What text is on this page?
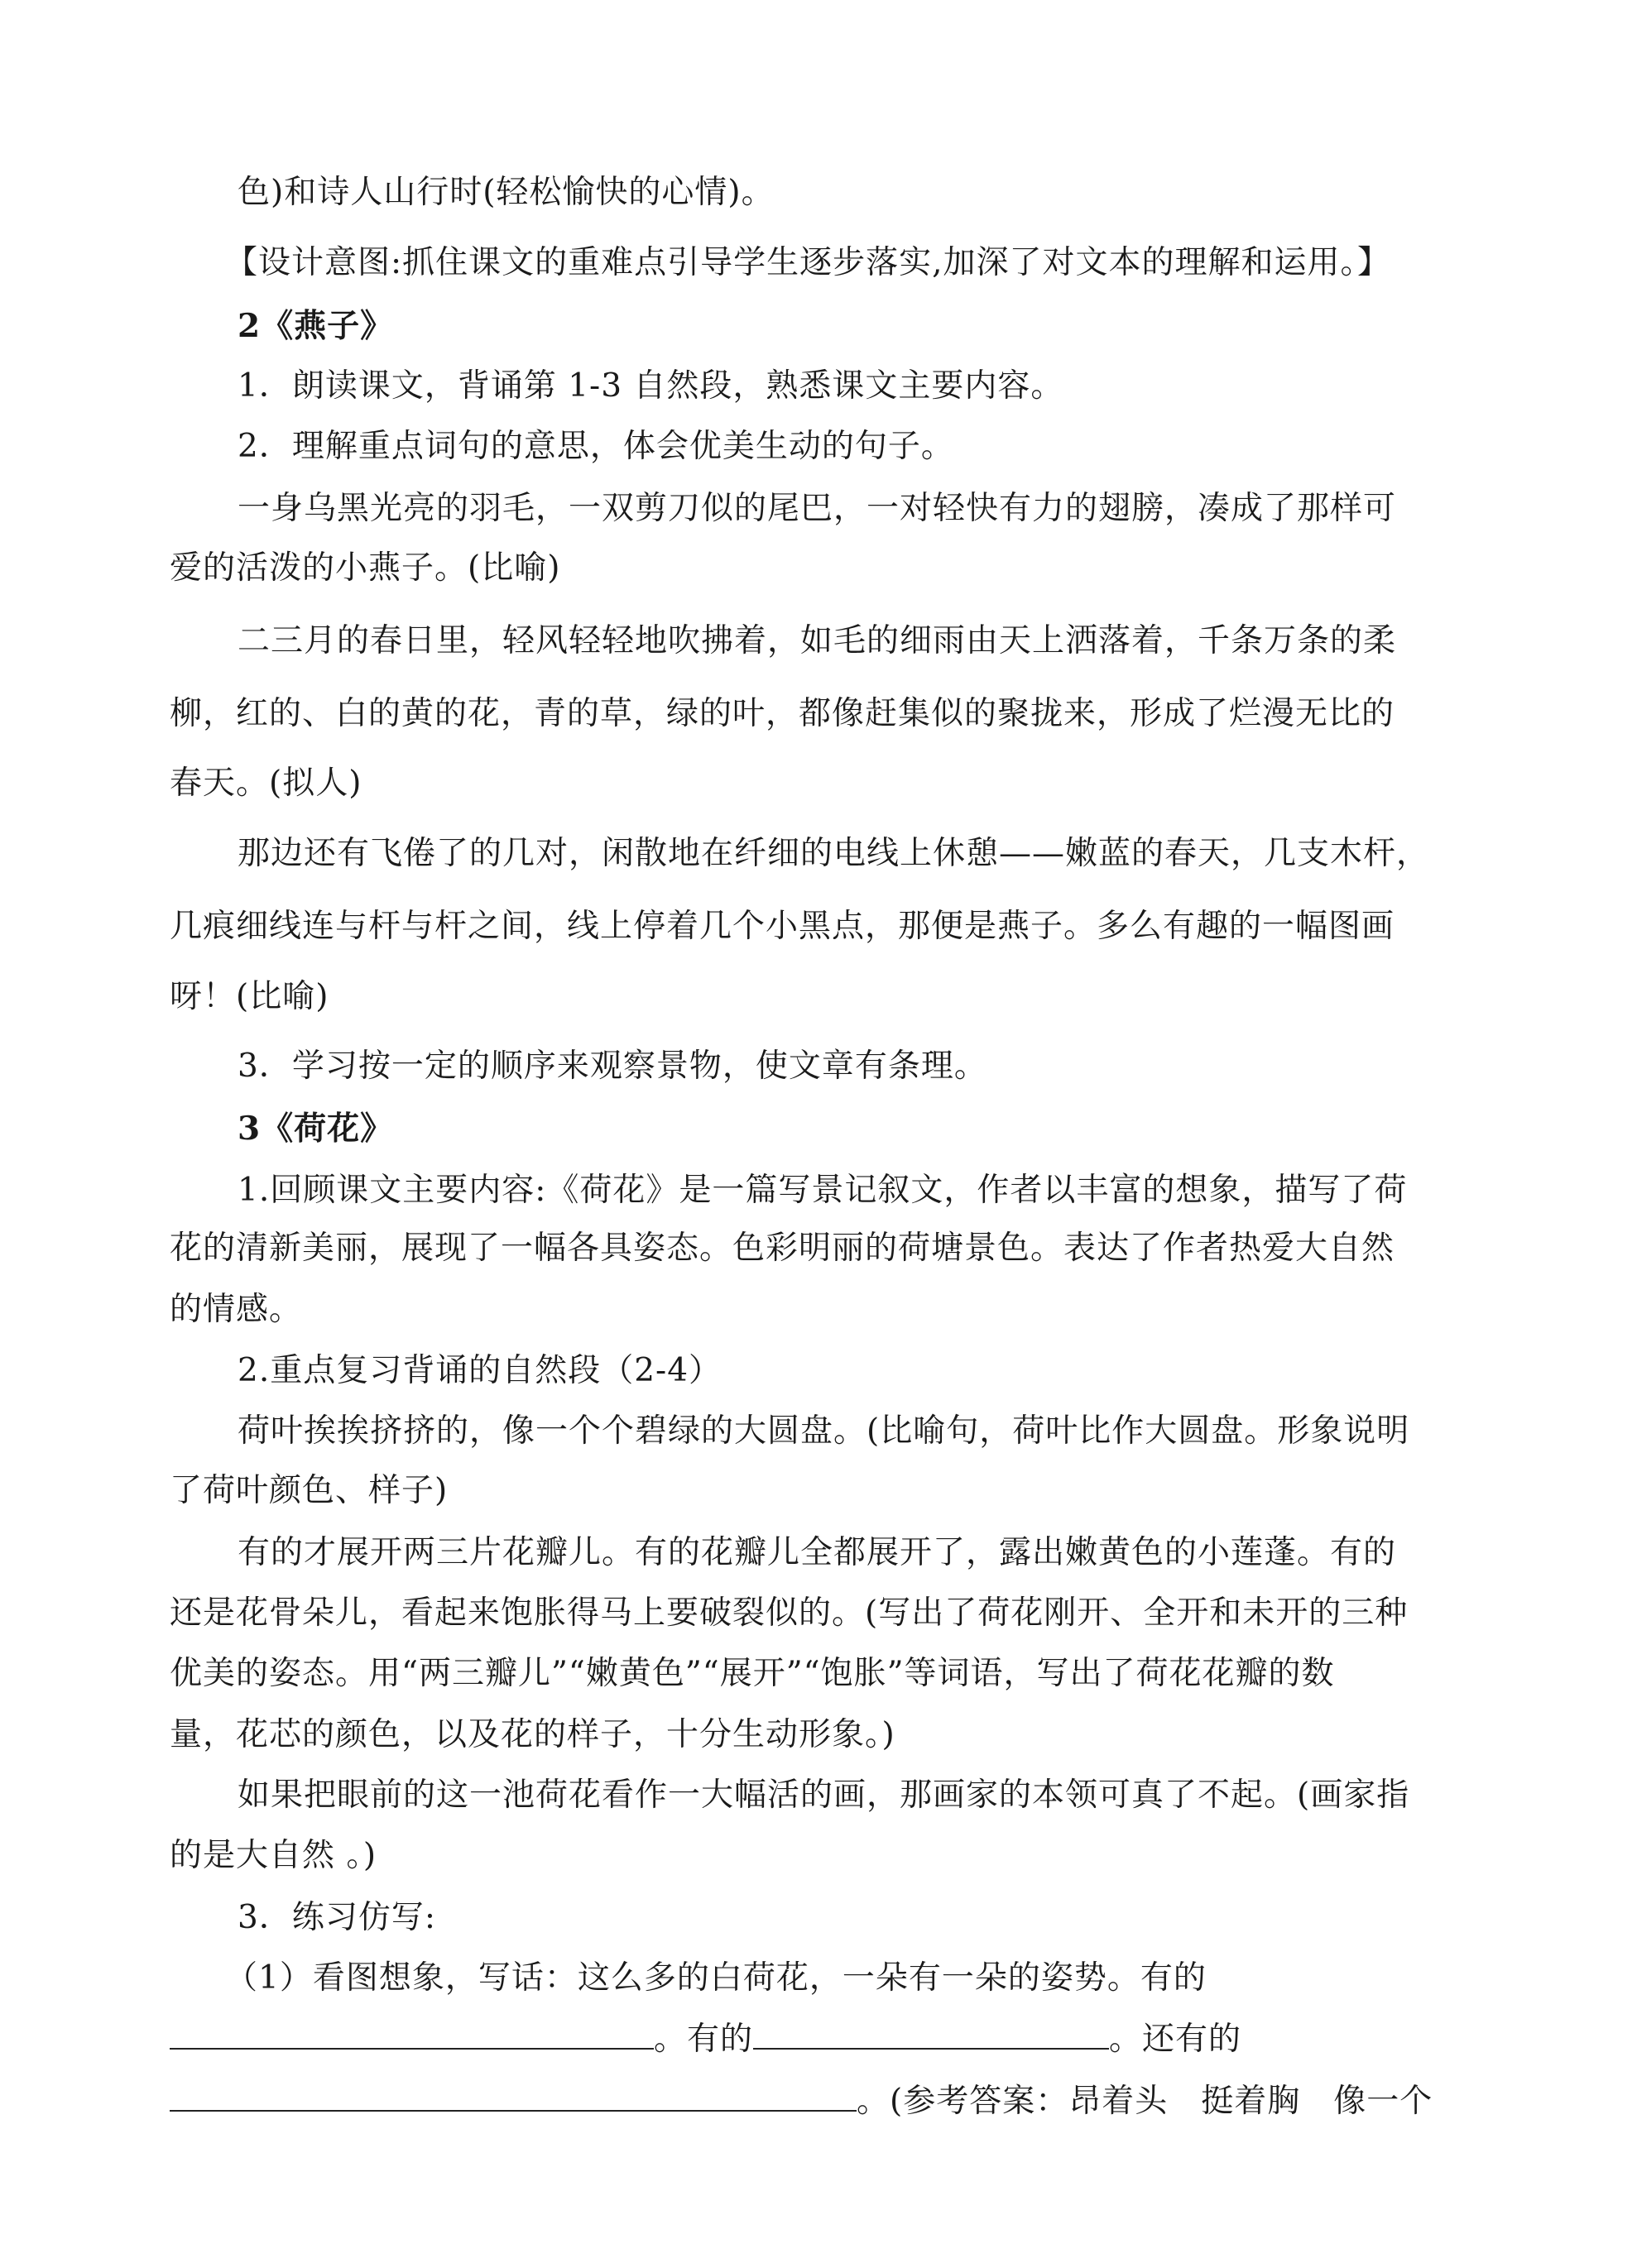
色)和诗人山行时(轻松愉快的心情)。
【设计意图:抓住课文的重难点引导学生逐步落实,加深了对文本的理解和运用。】
2《燕子》
1．朗读课文，背诵第 1-3 自然段，熟悉课文主要内容。
2．理解重点词句的意思，体会优美生动的句子。
一身乌黑光亮的羽毛，一双剪刀似的尾巴，一对轻快有力的翅膀，凑成了那样可
爱的活泼的小燕子。(比喻)
二三月的春日里，轻风轻轻地吹拂着，如毛的细雨由天上洒落着，千条万条的柔
柳，红的、白的黄的花，青的草，绿的叶，都像赶集似的聚拢来，形成了烂漫无比的
春天。(拟人)
那边还有飞倦了的几对，闲散地在纤细的电线上休憩——嫩蓝的春天，几支木杆，
几痕细线连与杆与杆之间，线上停着几个小黑点，那便是燕子。多么有趣的一幅图画
呀！(比喻)
3．学习按一定的顺序来观察景物，使文章有条理。
3《荷花》
1.回顾课文主要内容:《荷花》是一篇写景记叙文，作者以丰富的想象，描写了荷
花的清新美丽，展现了一幅各具姿态。色彩明丽的荷塘景色。表达了作者热爱大自然
的情感。
2.重点复习背诵的自然段（2-4）
荷叶挨挨挤挤的，像一个个碧绿的大圆盘。(比喻句，荷叶比作大圆盘。形象说明
了荷叶颜色、样子)
有的才展开两三片花瓣儿。有的花瓣儿全都展开了，露出嫩黄色的小莲蓬。有的
还是花骨朵儿，看起来饱胀得马上要破裂似的。(写出了荷花刚开、全开和未开的三种
优美的姿态。用“两三瓣儿”“嫩黄色”“展开”“饱胀”等词语，写出了荷花花瓣的数
量，花芯的颜色，以及花的样子，十分生动形象。)
如果把眼前的这一池荷花看作一大幅活的画，那画家的本领可真了不起。(画家指
的是大自然 。)
3．练习仿写:
（1）看图想象，写话：这么多的白荷花，一朵有一朵的姿势。有的
。有的	。还有的
。(参考答案：昂着头　挺着胸　像一个
